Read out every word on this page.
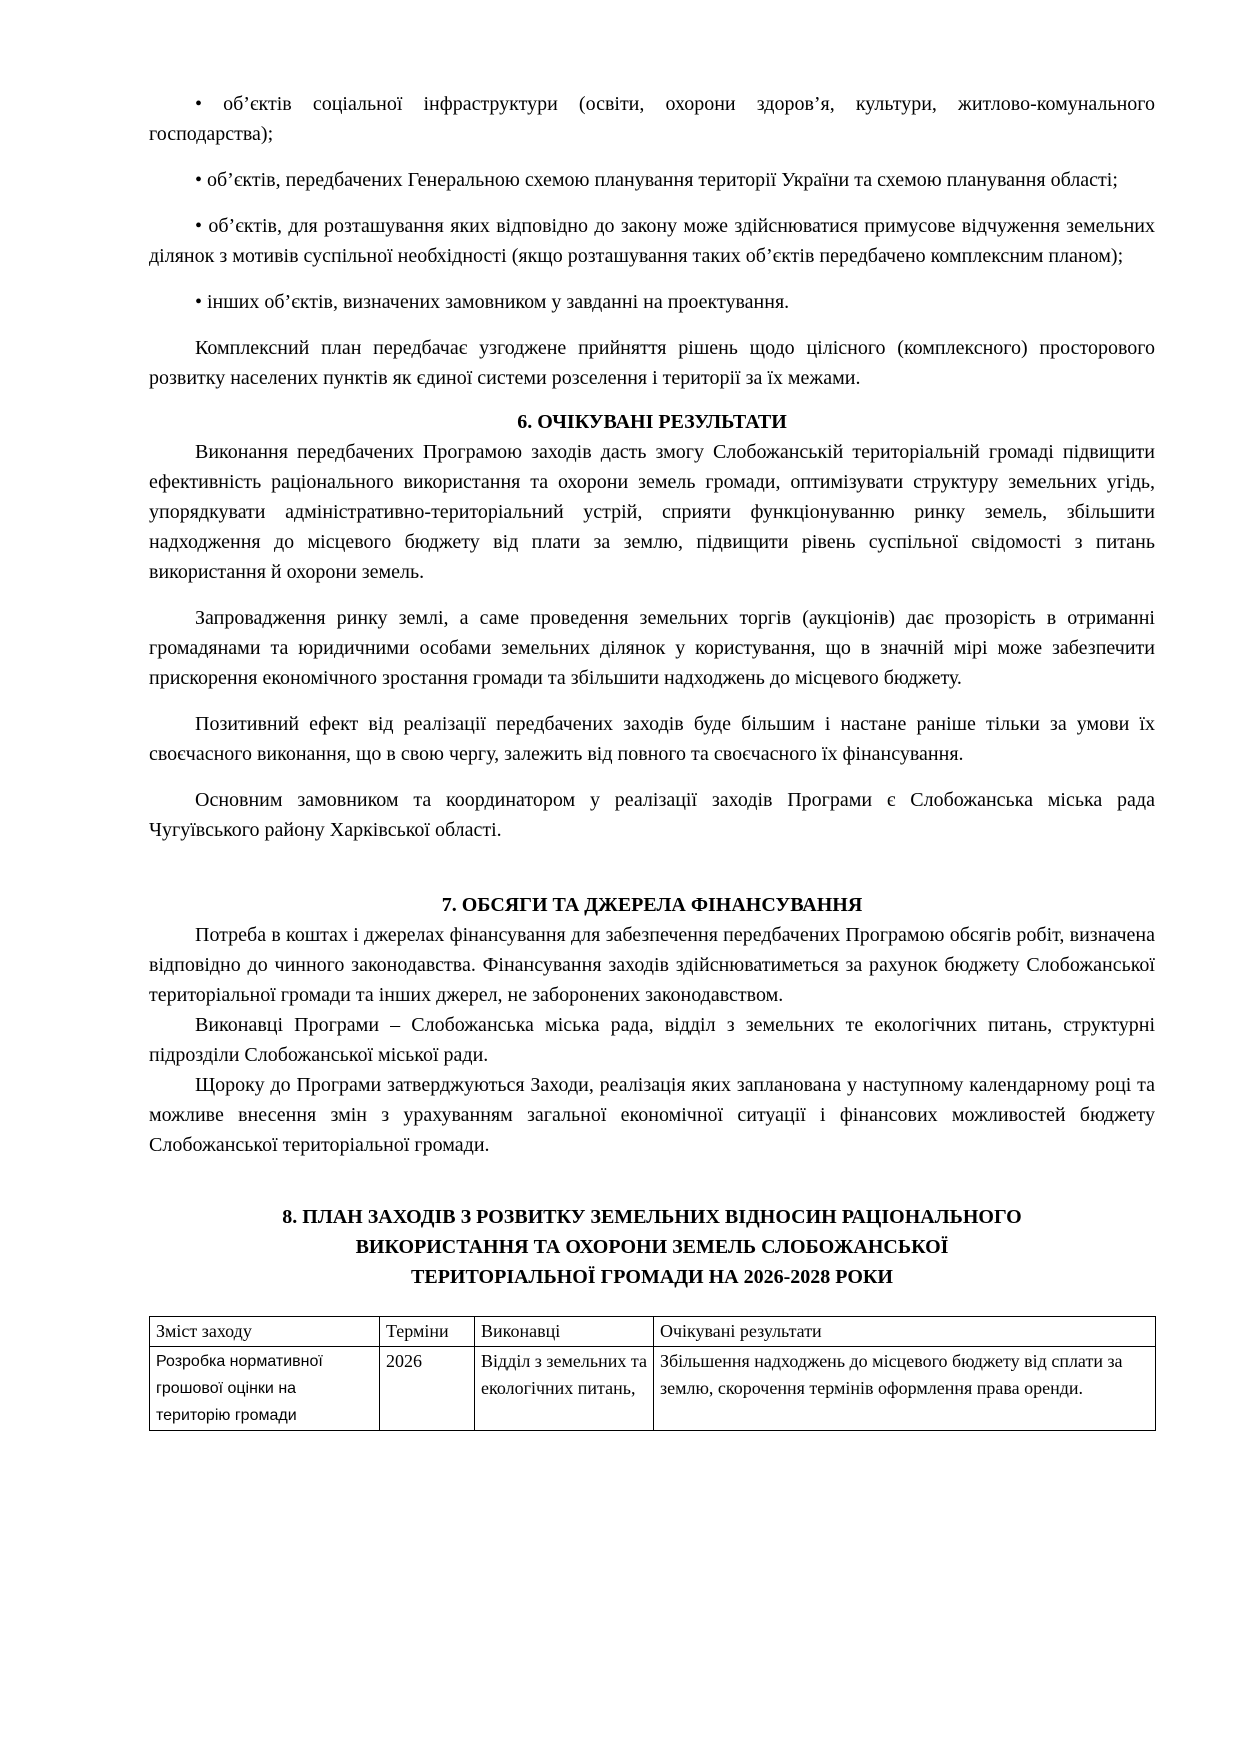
• об’єктів соціальної інфраструктури (освіти, охорони здоров’я, культури, житлово-комунального господарства);

• об’єктів, передбачених Генеральною схемою планування території України та схемою планування області;

• об’єктів, для розташування яких відповідно до закону може здійснюватися примусове відчуження земельних ділянок з мотивів суспільної необхідності (якщо розташування таких об’єктів передбачено комплексним планом);

• інших об’єктів, визначених замовником у завданні на проектування.

Комплексний план передбачає узгоджене прийняття рішень щодо цілісного (комплексного) просторового розвитку населених пунктів як єдиної системи розселення і території за їх межами.

6. ОЧІКУВАНІ РЕЗУЛЬТАТИ

Виконання передбачених Програмою заходів дасть змогу Слобожанській територіальній громаді підвищити ефективність раціонального використання та охорони земель громади, оптимізувати структуру земельних угідь, упорядкувати адміністративно-територіальний устрій, сприяти функціонуванню ринку земель, збільшити надходження до місцевого бюджету від плати за землю, підвищити рівень суспільної свідомості з питань використання й охорони земель.

Запровадження ринку землі, а саме проведення земельних торгів (аукціонів) дає прозорість в отриманні громадянами та юридичними особами земельних ділянок у користування, що в значній мірі може забезпечити прискорення економічного зростання громади та збільшити надходжень до місцевого бюджету.

Позитивний ефект від реалізації передбачених заходів буде більшим і настане раніше тільки за умови їх своєчасного виконання, що в свою чергу, залежить від повного та своєчасного їх фінансування.

Основним замовником та координатором у реалізації заходів Програми є Слобожанська міська рада Чугуївського району Харківської області.

7. ОБСЯГИ ТА ДЖЕРЕЛА ФІНАНСУВАННЯ

Потреба в коштах і джерелах фінансування для забезпечення передбачених Програмою обсягів робіт, визначена відповідно до чинного законодавства. Фінансування заходів здійснюватиметься за рахунок бюджету Слобожанської територіальної громади та інших джерел, не заборонених законодавством.

Виконавці Програми – Слобожанська міська рада, відділ з земельних те екологічних питань, структурні підрозділи Слобожанської міської ради.

Щороку до Програми затверджуються Заходи, реалізація яких запланована у наступному календарному році та можливе внесення змін з урахуванням загальної економічної ситуації і фінансових можливостей бюджету Слобожанської територіальної громади.

8. ПЛАН ЗАХОДІВ З РОЗВИТКУ ЗЕМЕЛЬНИХ ВІДНОСИН РАЦІОНАЛЬНОГО
ВИКОРИСТАННЯ ТА ОХОРОНИ ЗЕМЕЛЬ СЛОБОЖАНСЬКОЇ
ТЕРИТОРІАЛЬНОЇ ГРОМАДИ НА 2026-2028 РОКИ
Зміст заходу	Терміни	Виконавці	Очікувані результати
Розробка нормативної грошової оцінки на територію громади	2026	Відділ з земельних та екологічних питань,	Збільшення надходжень до місцевого бюджету від сплати за землю, скорочення термінів оформлення права оренди.
